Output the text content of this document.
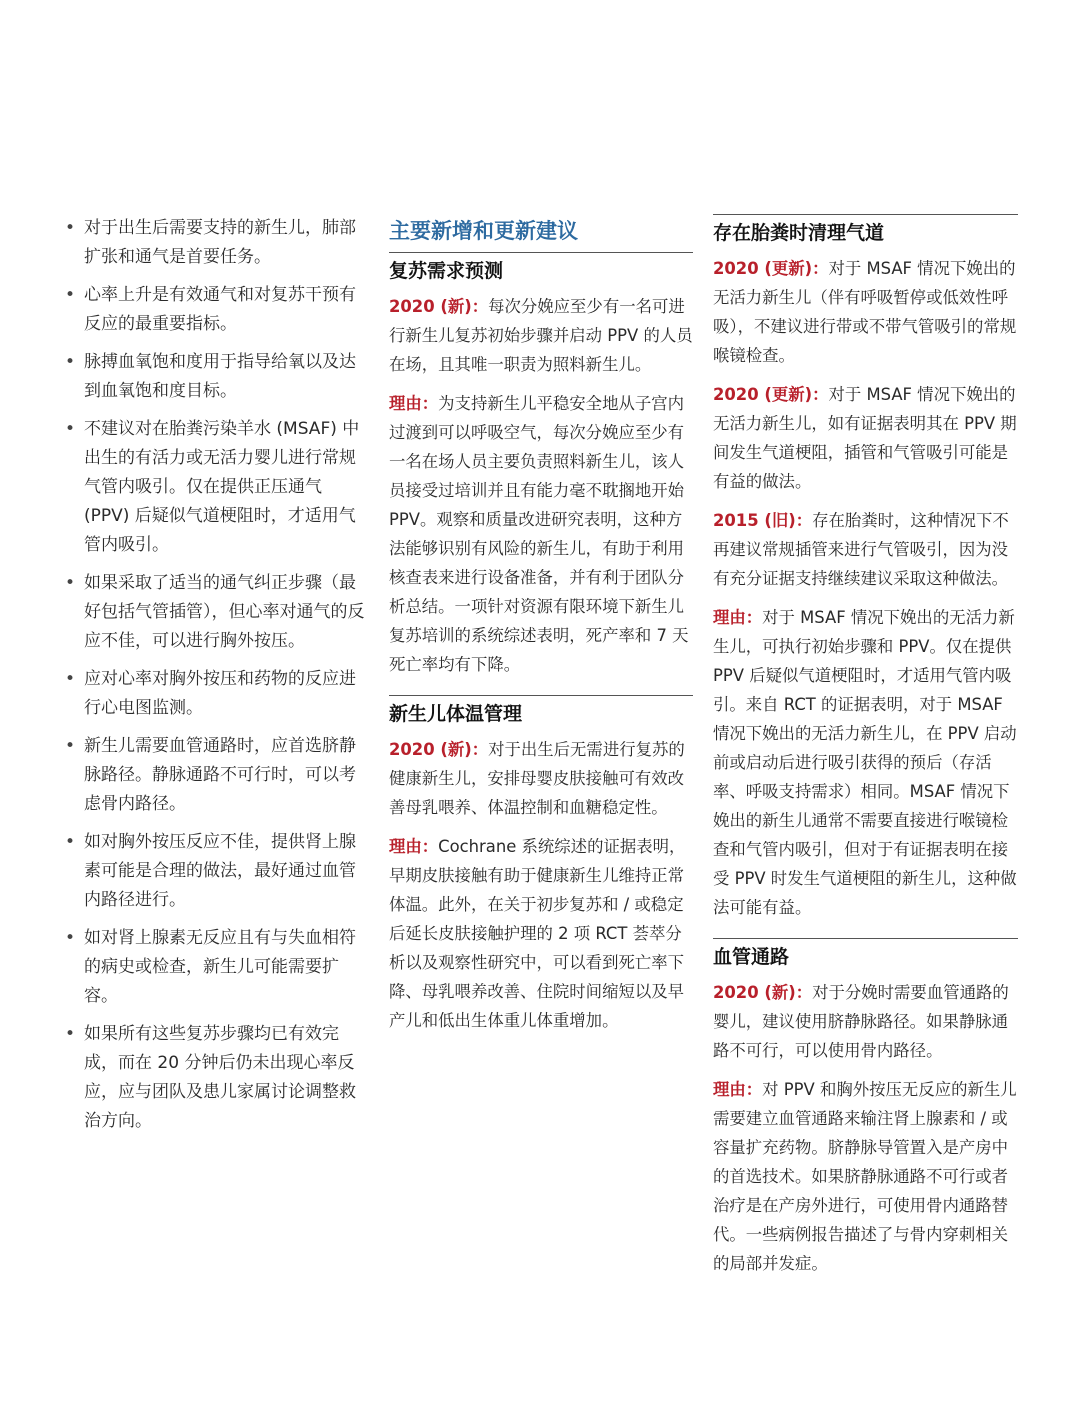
• 对于出生后需要支持的新生儿，肺部扩张和通气是首要任务。
• 心率上升是有效通气和对复苏干预有反应的最重要指标。
• 脉搏血氧饱和度用于指导给氧以及达到血氧饱和度目标。
• 不建议对在胎粪污染羊水 (MSAF) 中出生的有活力或无活力婴儿进行常规气管内吸引。仅在提供正压通气 (PPV) 后疑似气道梗阻时，才适用气管内吸引。
• 如果采取了适当的通气纠正步骤（最好包括气管插管），但心率对通气的反应不佳，可以进行胸外按压。
• 应对心率对胸外按压和药物的反应进行心电图监测。
• 新生儿需要血管通路时，应首选脐静脉路径。静脉通路不可行时，可以考虑骨内路径。
• 如对胸外按压反应不佳，提供肾上腺素可能是合理的做法，最好通过血管内路径进行。
• 如对肾上腺素无反应且有与失血相符的病史或检查，新生儿可能需要扩容。
• 如果所有这些复苏步骤均已有效完成，而在 20 分钟后仍未出现心率反应，应与团队及患儿家属讨论调整救治方向。
主要新增和更新建议
复苏需求预测

2020 (新)：每次分娩应至少有一名可进行新生儿复苏初始步骤并启动 PPV 的人员在场，且其唯一职责为照料新生儿。

理由：为支持新生儿平稳安全地从子宫内过渡到可以呼吸空气，每次分娩应至少有一名在场人员主要负责照料新生儿，该人员接受过培训并且有能力毫不耽搁地开始 PPV。观察和质量改进研究表明，这种方法能够识别有风险的新生儿，有助于利用核查表来进行设备准备，并有利于团队分析总结。一项针对资源有限环境下新生儿复苏培训的系统综述表明，死产率和 7 天死亡率均有下降。

新生儿体温管理

2020 (新)：对于出生后无需进行复苏的健康新生儿，安排母婴皮肤接触可有效改善母乳喂养、体温控制和血糖稳定性。

理由：Cochrane 系统综述的证据表明，早期皮肤接触有助于健康新生儿维持正常体温。此外，在关于初步复苏和 / 或稳定后延长皮肤接触护理的 2 项 RCT 荟萃分析以及观察性研究中，可以看到死亡率下降、母乳喂养改善、住院时间缩短以及早产儿和低出生体重儿体重增加。

存在胎粪时清理气道

2020 (更新)：对于 MSAF 情况下娩出的无活力新生儿（伴有呼吸暂停或低效性呼吸），不建议进行带或不带气管吸引的常规喉镜检查。

2020 (更新)：对于 MSAF 情况下娩出的无活力新生儿，如有证据表明其在 PPV 期间发生气道梗阻，插管和气管吸引可能是有益的做法。

2015 (旧)：存在胎粪时，这种情况下不再建议常规插管来进行气管吸引，因为没有充分证据支持继续建议采取这种做法。

理由：对于 MSAF 情况下娩出的无活力新生儿，可执行初始步骤和 PPV。仅在提供 PPV 后疑似气道梗阻时，才适用气管内吸引。来自 RCT 的证据表明，对于 MSAF 情况下娩出的无活力新生儿，在 PPV 启动前或启动后进行吸引获得的预后（存活率、呼吸支持需求）相同。MSAF 情况下娩出的新生儿通常不需要直接进行喉镜检查和气管内吸引，但对于有证据表明在接受 PPV 时发生气道梗阻的新生儿，这种做法可能有益。

血管通路

2020 (新)：对于分娩时需要血管通路的婴儿，建议使用脐静脉路径。如果静脉通路不可行，可以使用骨内路径。

理由：对 PPV 和胸外按压无反应的新生儿需要建立血管通路来输注肾上腺素和 / 或容量扩充药物。脐静脉导管置入是产房中的首选技术。如果脐静脉通路不可行或者治疗是在产房外进行，可使用骨内通路替代。一些病例报告描述了与骨内穿刺相关的局部并发症。
